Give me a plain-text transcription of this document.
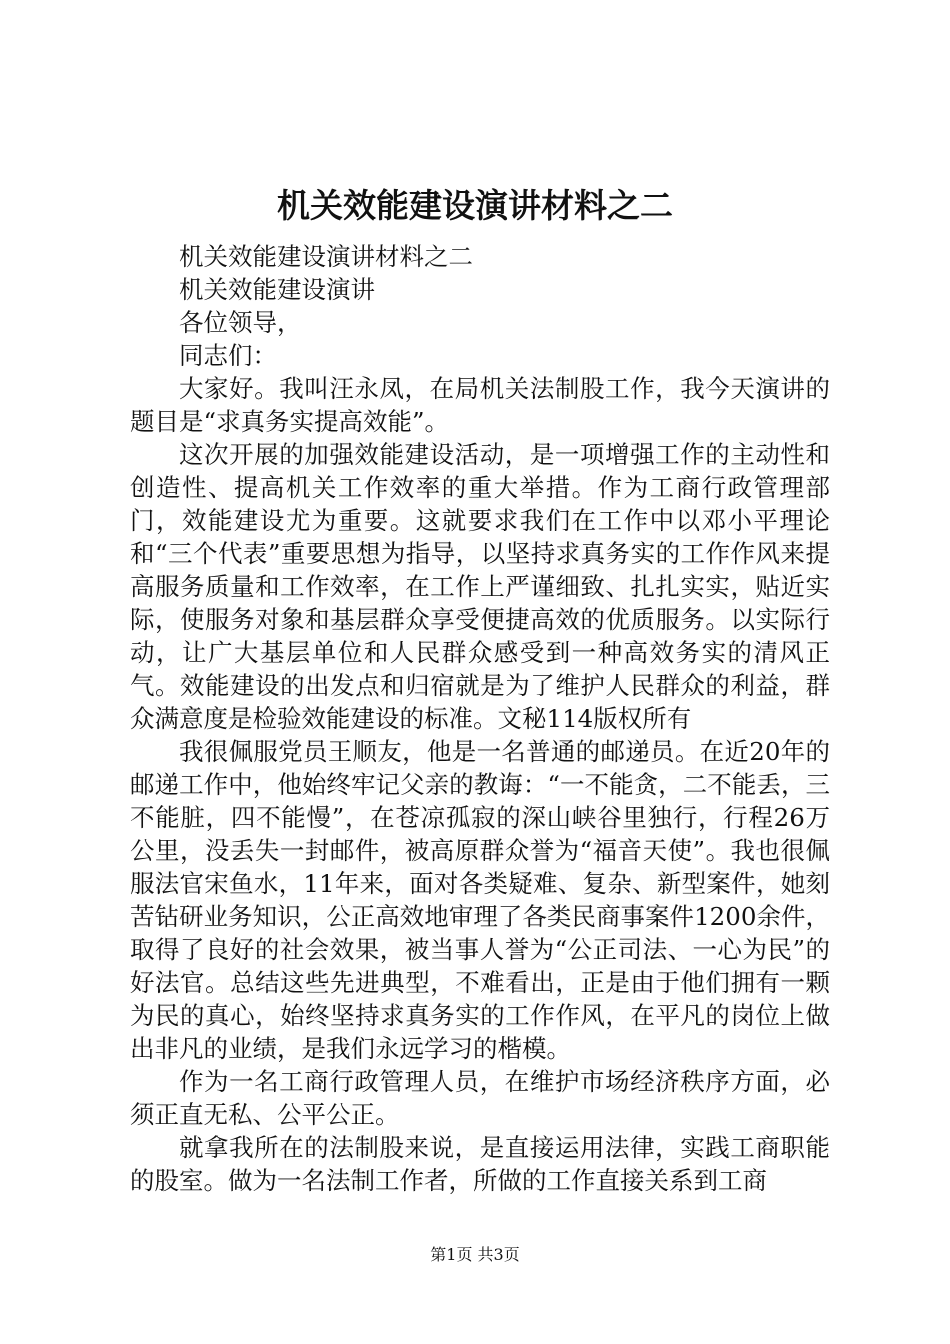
机关效能建设演讲材料之二

机关效能建设演讲材料之二

机关效能建设演讲

各位领导，

同志们：

大家好。我叫汪永凤，在局机关法制股工作，我今天演讲的题目是“求真务实提高效能”。

这次开展的加强效能建设活动，是一项增强工作的主动性和创造性、提高机关工作效率的重大举措。作为工商行政管理部门，效能建设尤为重要。这就要求我们在工作中以邓小平理论和“三个代表”重要思想为指导，以坚持求真务实的工作作风来提高服务质量和工作效率，在工作上严谨细致、扎扎实实，贴近实际，使服务对象和基层群众享受便捷高效的优质服务。以实际行动，让广大基层单位和人民群众感受到一种高效务实的清风正气。效能建设的出发点和归宿就是为了维护人民群众的利益，群众满意度是检验效能建设的标准。文秘114版权所有

我很佩服党员王顺友，他是一名普通的邮递员。在近20年的邮递工作中，他始终牢记父亲的教诲：“一不能贪，二不能丢，三不能脏，四不能慢”，在苍凉孤寂的深山峡谷里独行，行程26万公里，没丢失一封邮件，被高原群众誉为“福音天使”。我也很佩服法官宋鱼水，11年来，面对各类疑难、复杂、新型案件，她刻苦钻研业务知识，公正高效地审理了各类民商事案件1200余件，取得了良好的社会效果，被当事人誉为“公正司法、一心为民”的好法官。总结这些先进典型，不难看出，正是由于他们拥有一颗为民的真心，始终坚持求真务实的工作作风，在平凡的岗位上做出非凡的业绩，是我们永远学习的楷模。

作为一名工商行政管理人员，在维护市场经济秩序方面，必须正直无私、公平公正。

就拿我所在的法制股来说，是直接运用法律，实践工商职能的股室。做为一名法制工作者，所做的工作直接关系到工商

第1页 共3页
